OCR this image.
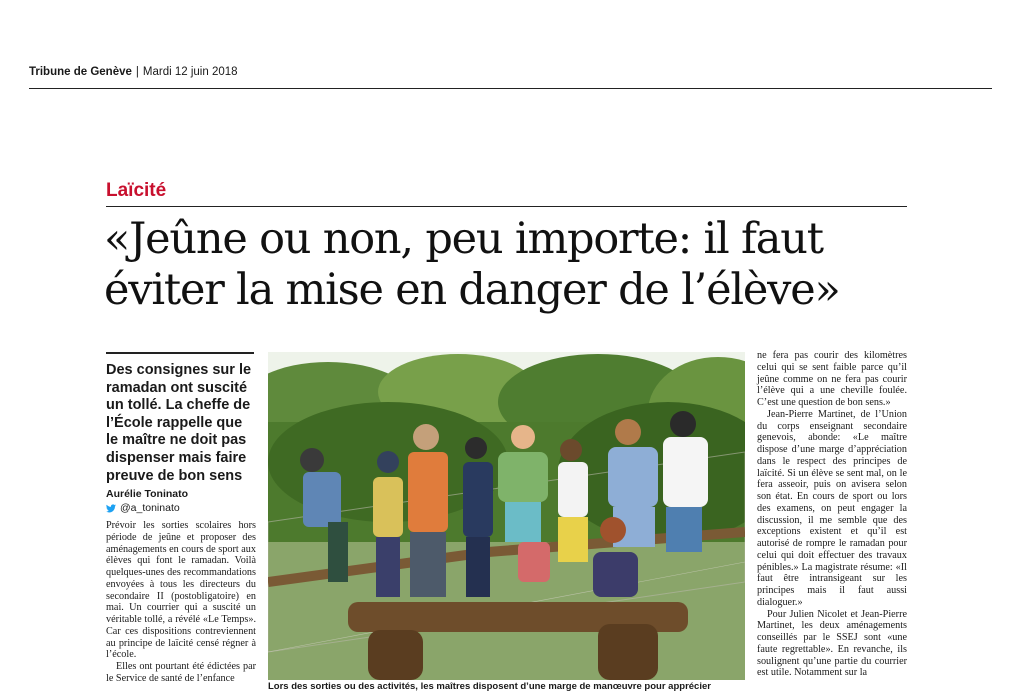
Tribune de Genève | Mardi 12 juin 2018
Laïcité
«Jeûne ou non, peu importe: il faut
éviter la mise en danger de l’élève»

Des consignes sur le ramadan ont suscité un tollé. La cheffe de l’École rappelle que le maître ne doit pas dispenser mais faire preuve de bon sens

Aurélie Toninato
@a_toninato

Prévoir les sorties scolaires hors période de jeûne et proposer des aménagements en cours de sport aux élèves qui font le ramadan. Voilà quelques-unes des recommandations envoyées à tous les directeurs du secondaire II (postobligatoire) en mai. Un courrier qui a suscité un véritable tollé, a révélé «Le Temps». Car ces dispositions contreviennent au principe de laïcité censé régner à l’école.

Elles ont pourtant été édictées par le Service de santé de l’enfance

Lors des sorties ou des activités, les maîtres disposent d’une marge de manœuvre pour apprécier

ne fera pas courir des kilomètres celui qui se sent faible parce qu’il jeûne comme on ne fera pas courir l’élève qui a une cheville foulée. C’est une question de bon sens.»

Jean-Pierre Martinet, de l’Union du corps enseignant secondaire genevois, abonde: «Le maître dispose d’une marge d’appréciation dans le respect des principes de laïcité. Si un élève se sent mal, on le fera asseoir, puis on avisera selon son état. En cours de sport ou lors des examens, on peut engager la discussion, il me semble que des exceptions existent et qu’il est autorisé de rompre le ramadan pour celui qui doit effectuer des travaux pénibles.» La magistrate résume: «Il faut être intransigeant sur les principes mais il faut aussi dialoguer.»

Pour Julien Nicolet et Jean-Pierre Martinet, les deux aménagements conseillés par le SSEJ sont «une faute regrettable». En revanche, ils soulignent qu’une partie du courrier est utile. Notamment sur la
